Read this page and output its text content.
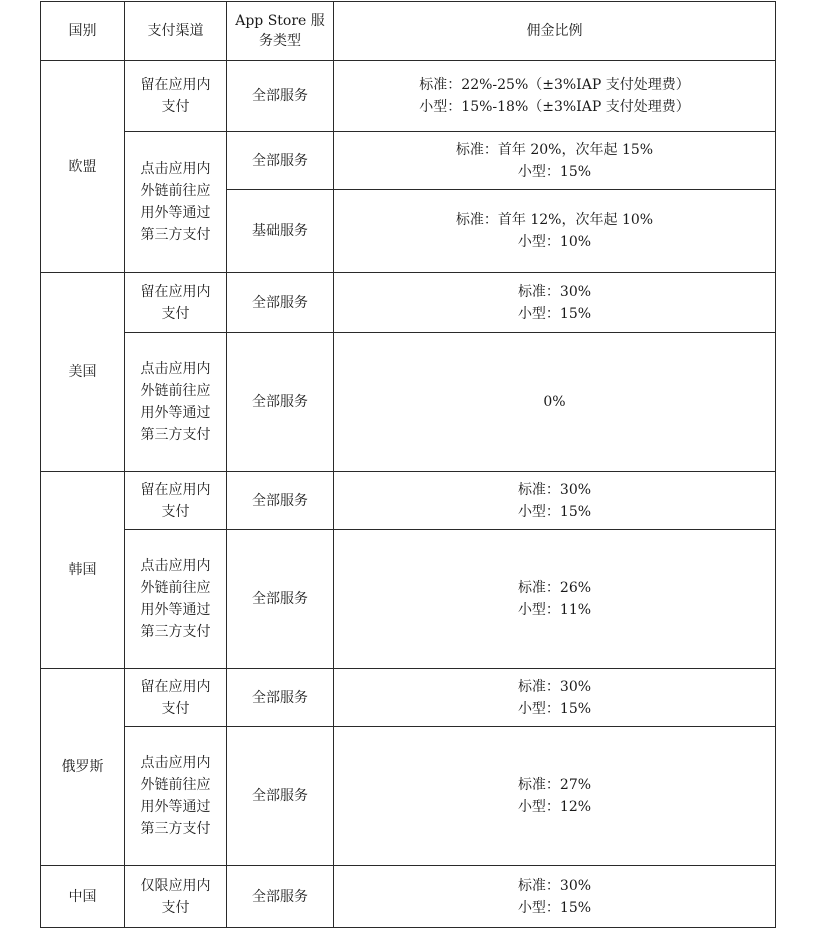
国别	支付渠道	App Store 服
务类型	佣金比例
欧盟	留在应用内
支付	全部服务	标准：22%-25%（±3%IAP 支付处理费）
小型：15%-18%（±3%IAP 支付处理费）

	点击应用内
外链前往应
用外等通过
第三方支付	全部服务	标准：首年 20%，次年起 15%
小型：15%

		基础服务	标准：首年 12%，次年起 10%
小型：10%

美国	留在应用内
支付	全部服务	标准：30%
小型：15%

	点击应用内
外链前往应
用外等通过
第三方支付	全部服务	0%

韩国	留在应用内
支付	全部服务	标准：30%
小型：15%

	点击应用内
外链前往应
用外等通过
第三方支付	全部服务	标准：26%
小型：11%

俄罗斯	留在应用内
支付	全部服务	标准：30%
小型：15%

	点击应用内
外链前往应
用外等通过
第三方支付	全部服务	标准：27%
小型：12%

中国	仅限应用内
支付	全部服务	标准：30%
小型：15%
